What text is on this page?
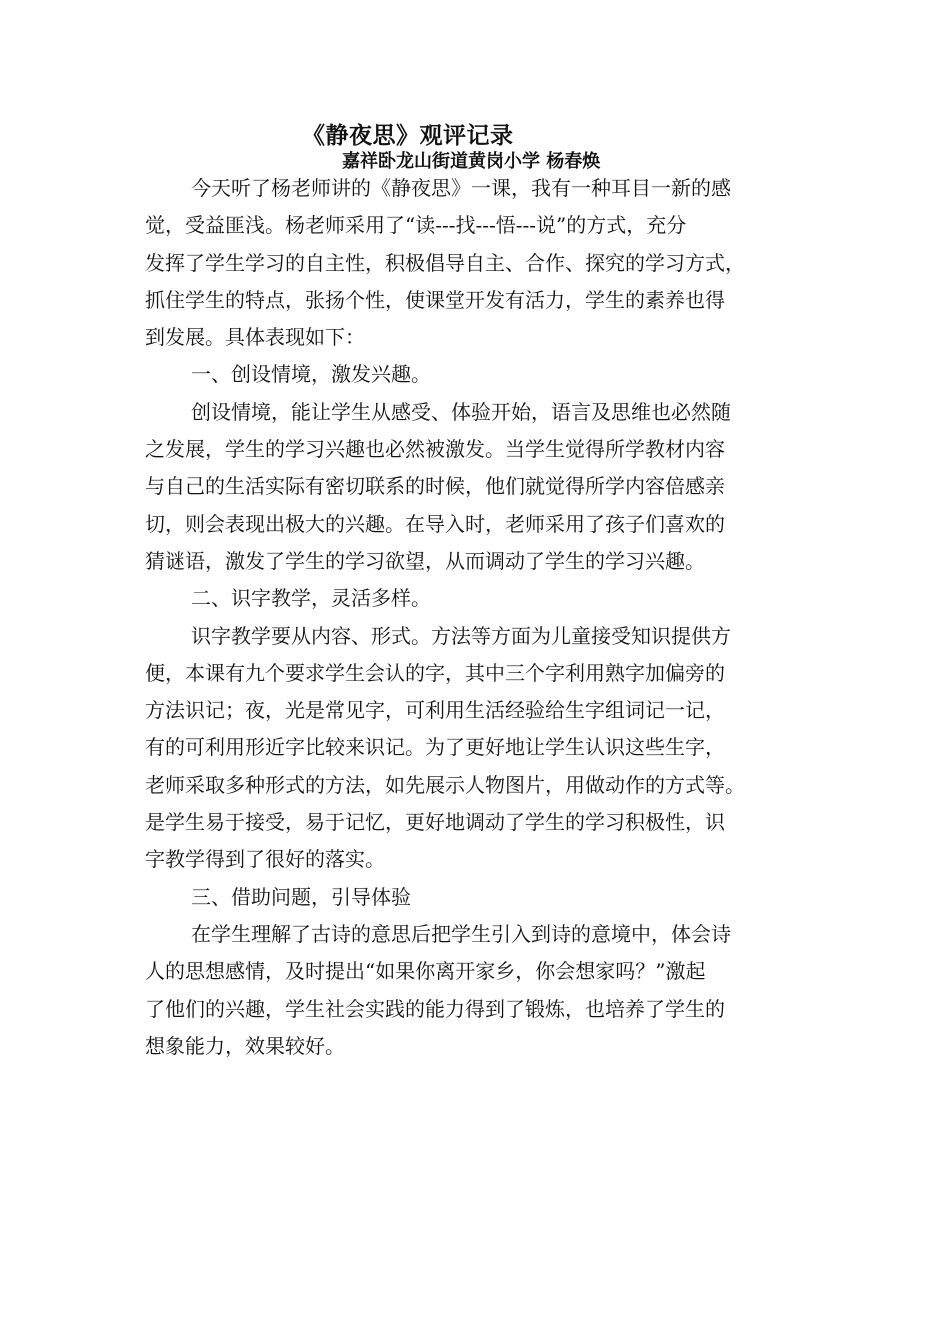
《静夜思》观评记录
嘉祥卧龙山街道黄岗小学 杨春焕
今天听了杨老师讲的《静夜思》一课，我有一种耳目一新的感
觉，受益匪浅。杨老师采用了“读---找---悟---说”的方式，充分
发挥了学生学习的自主性，积极倡导自主、合作、探究的学习方式，
抓住学生的特点，张扬个性，使课堂开发有活力，学生的素养也得
到发展。具体表现如下：
一、创设情境，激发兴趣。
创设情境，能让学生从感受、体验开始，语言及思维也必然随
之发展，学生的学习兴趣也必然被激发。当学生觉得所学教材内容
与自己的生活实际有密切联系的时候，他们就觉得所学内容倍感亲
切，则会表现出极大的兴趣。在导入时，老师采用了孩子们喜欢的
猜谜语，激发了学生的学习欲望，从而调动了学生的学习兴趣。
二、识字教学，灵活多样。
识字教学要从内容、形式。方法等方面为儿童接受知识提供方
便，本课有九个要求学生会认的字，其中三个字利用熟字加偏旁的
方法识记；夜，光是常见字，可利用生活经验给生字组词记一记，
有的可利用形近字比较来识记。为了更好地让学生认识这些生字，
老师采取多种形式的方法，如先展示人物图片，用做动作的方式等。
是学生易于接受，易于记忆，更好地调动了学生的学习积极性，识
字教学得到了很好的落实。
三、借助问题，引导体验
在学生理解了古诗的意思后把学生引入到诗的意境中，体会诗
人的思想感情，及时提出“如果你离开家乡，你会想家吗？”激起
了他们的兴趣，学生社会实践的能力得到了锻炼，也培养了学生的
想象能力，效果较好。
